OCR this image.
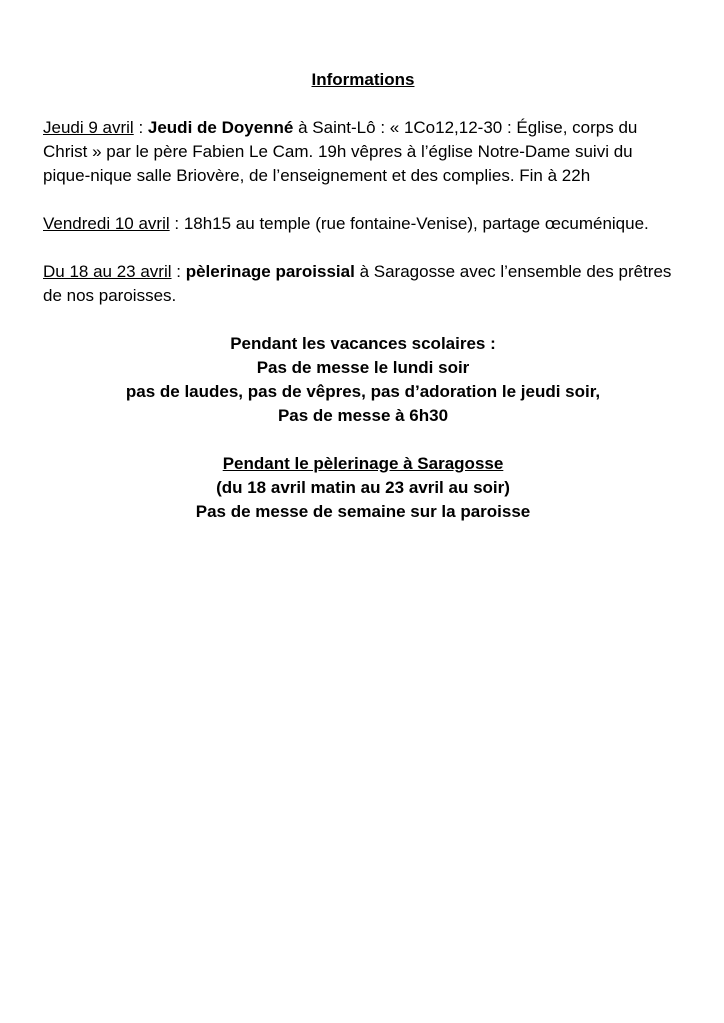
Informations

Jeudi 9 avril : Jeudi de Doyenné à Saint-Lô : « 1Co12,12-30 : Église, corps du Christ » par le père Fabien Le Cam. 19h vêpres à l’église Notre-Dame suivi du pique-nique salle Briovère, de l’enseignement et des complies. Fin à 22h

Vendredi 10 avril : 18h15 au temple (rue fontaine-Venise), partage œcuménique.

Du 18 au 23 avril : pèlerinage paroissial à Saragosse avec l’ensemble des prêtres de nos paroisses.

Pendant les vacances scolaires :
Pas de messe le lundi soir
pas de laudes, pas de vêpres, pas d’adoration le jeudi soir,
Pas de messe à 6h30
Pendant le pèlerinage à Saragosse
(du 18 avril matin au 23 avril au soir)
Pas de messe de semaine sur la paroisse
